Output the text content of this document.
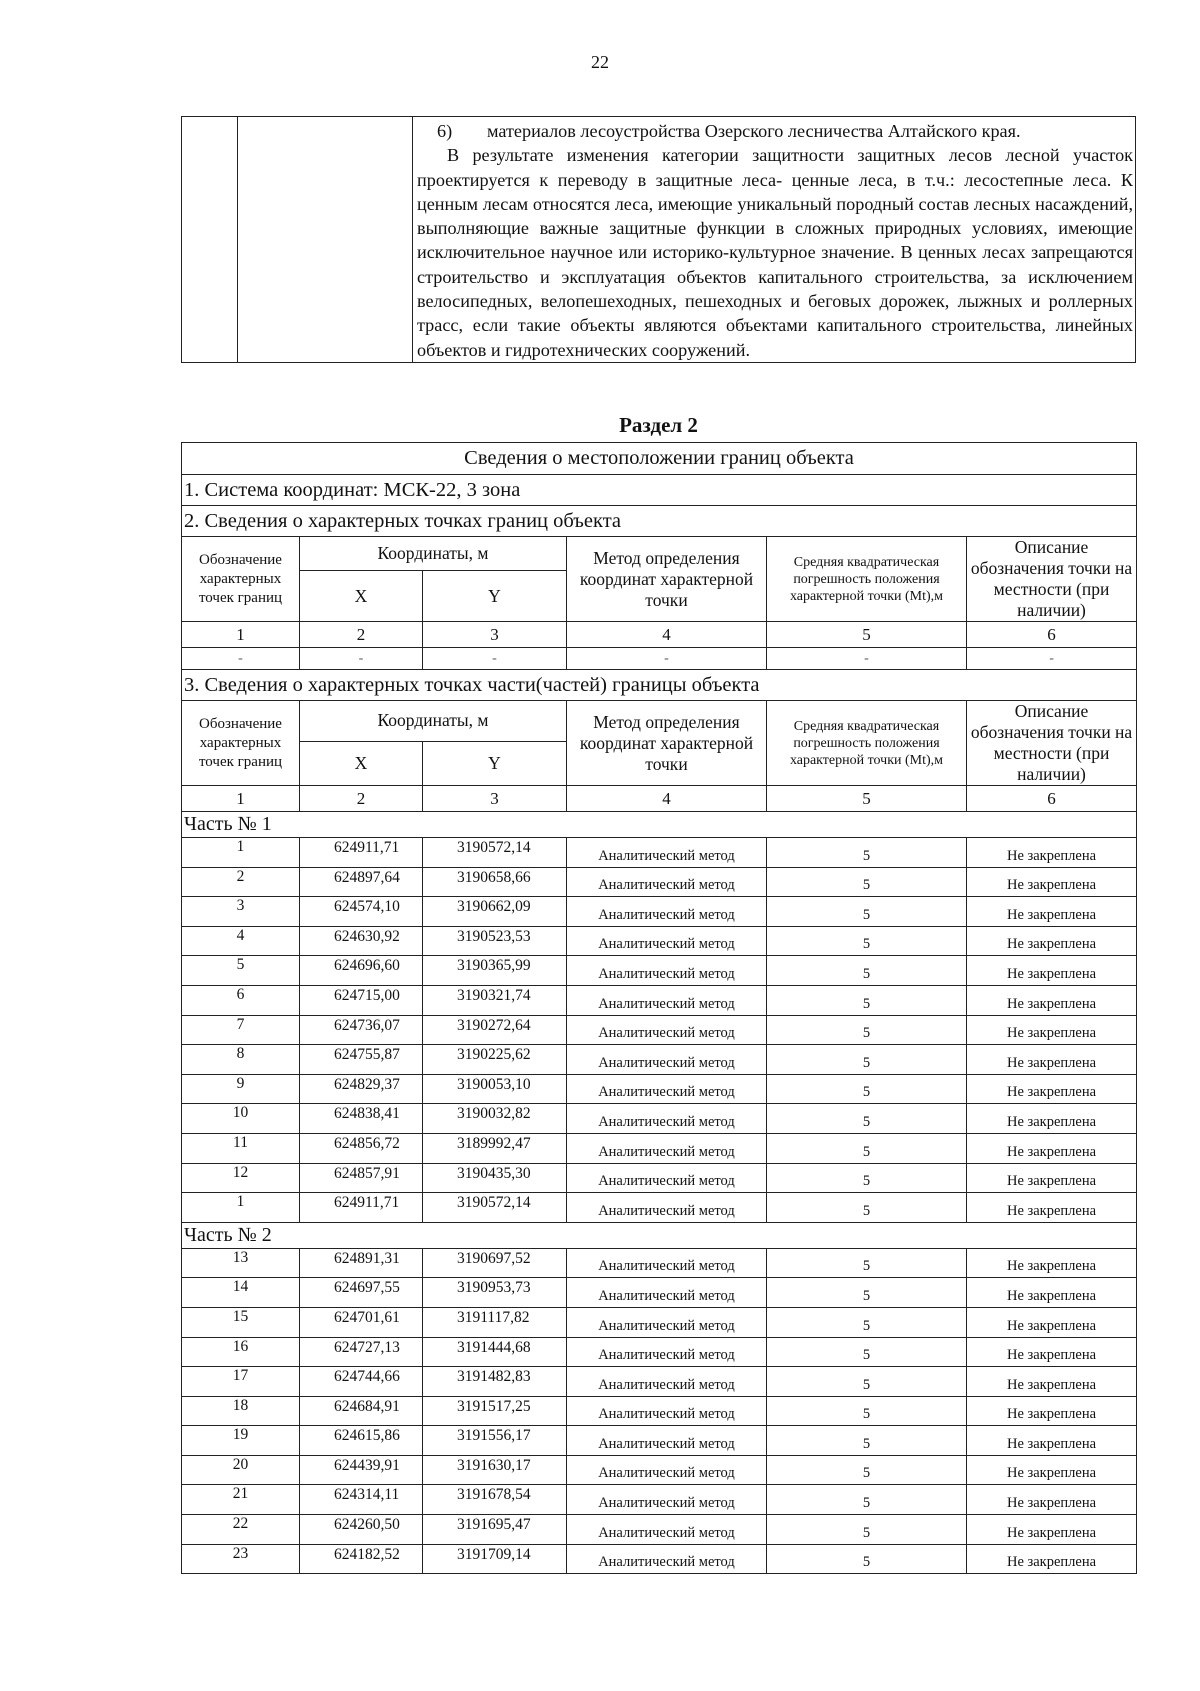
22

6)	материалов лесоустройства Озерского лесничества Алтайского края.

В результате изменения категории защитности защитных лесов лесной участок проектируется к переводу в защитные леса- ценные леса, в т.ч.: лесостепные леса. К ценным лесам относятся леса, имеющие уникальный породный состав лесных насаждений, выполняющие важные защитные функции в сложных природных условиях, имеющие исключительное научное или историко-культурное значение. В ценных лесах запрещаются строительство и эксплуатация объектов капитального строительства, за исключением велосипедных, велопешеходных, пешеходных и беговых дорожек, лыжных и роллерных трасс, если такие объекты являются объектами капитального строительства, линейных объектов и гидротехнических сооружений.

Раздел 2
Сведения о местоположении границ объекта					
1. Система координат: МСК-22, 3 зона					
2. Сведения о характерных точках границ объекта					
Обозначение характерных точек границ	Координаты, м		Метод определения координат характерной точки	Средняя квадратическая погрешность положения характерной точки (Mt),м	Описание обозначения точки на местности (при наличии)
	X	Y			
1	2	3	4	5	6
-	-	-	-	-	-
3. Сведения о характерных точках части(частей) границы объекта					
Обозначение характерных точек границ	Координаты, м		Метод определения координат характерной точки	Средняя квадратическая погрешность положения характерной точки (Mt),м	Описание обозначения точки на местности (при наличии)
	X	Y			
1	2	3	4	5	6
Часть № 1					
1	624911,71	3190572,14	Аналитический метод	5	Не закреплена
2	624897,64	3190658,66	Аналитический метод	5	Не закреплена
3	624574,10	3190662,09	Аналитический метод	5	Не закреплена
4	624630,92	3190523,53	Аналитический метод	5	Не закреплена
5	624696,60	3190365,99	Аналитический метод	5	Не закреплена
6	624715,00	3190321,74	Аналитический метод	5	Не закреплена
7	624736,07	3190272,64	Аналитический метод	5	Не закреплена
8	624755,87	3190225,62	Аналитический метод	5	Не закреплена
9	624829,37	3190053,10	Аналитический метод	5	Не закреплена
10	624838,41	3190032,82	Аналитический метод	5	Не закреплена
11	624856,72	3189992,47	Аналитический метод	5	Не закреплена
12	624857,91	3190435,30	Аналитический метод	5	Не закреплена
1	624911,71	3190572,14	Аналитический метод	5	Не закреплена
Часть № 2					
13	624891,31	3190697,52	Аналитический метод	5	Не закреплена
14	624697,55	3190953,73	Аналитический метод	5	Не закреплена
15	624701,61	3191117,82	Аналитический метод	5	Не закреплена
16	624727,13	3191444,68	Аналитический метод	5	Не закреплена
17	624744,66	3191482,83	Аналитический метод	5	Не закреплена
18	624684,91	3191517,25	Аналитический метод	5	Не закреплена
19	624615,86	3191556,17	Аналитический метод	5	Не закреплена
20	624439,91	3191630,17	Аналитический метод	5	Не закреплена
21	624314,11	3191678,54	Аналитический метод	5	Не закреплена
22	624260,50	3191695,47	Аналитический метод	5	Не закреплена
23	624182,52	3191709,14	Аналитический метод	5	Не закреплена
